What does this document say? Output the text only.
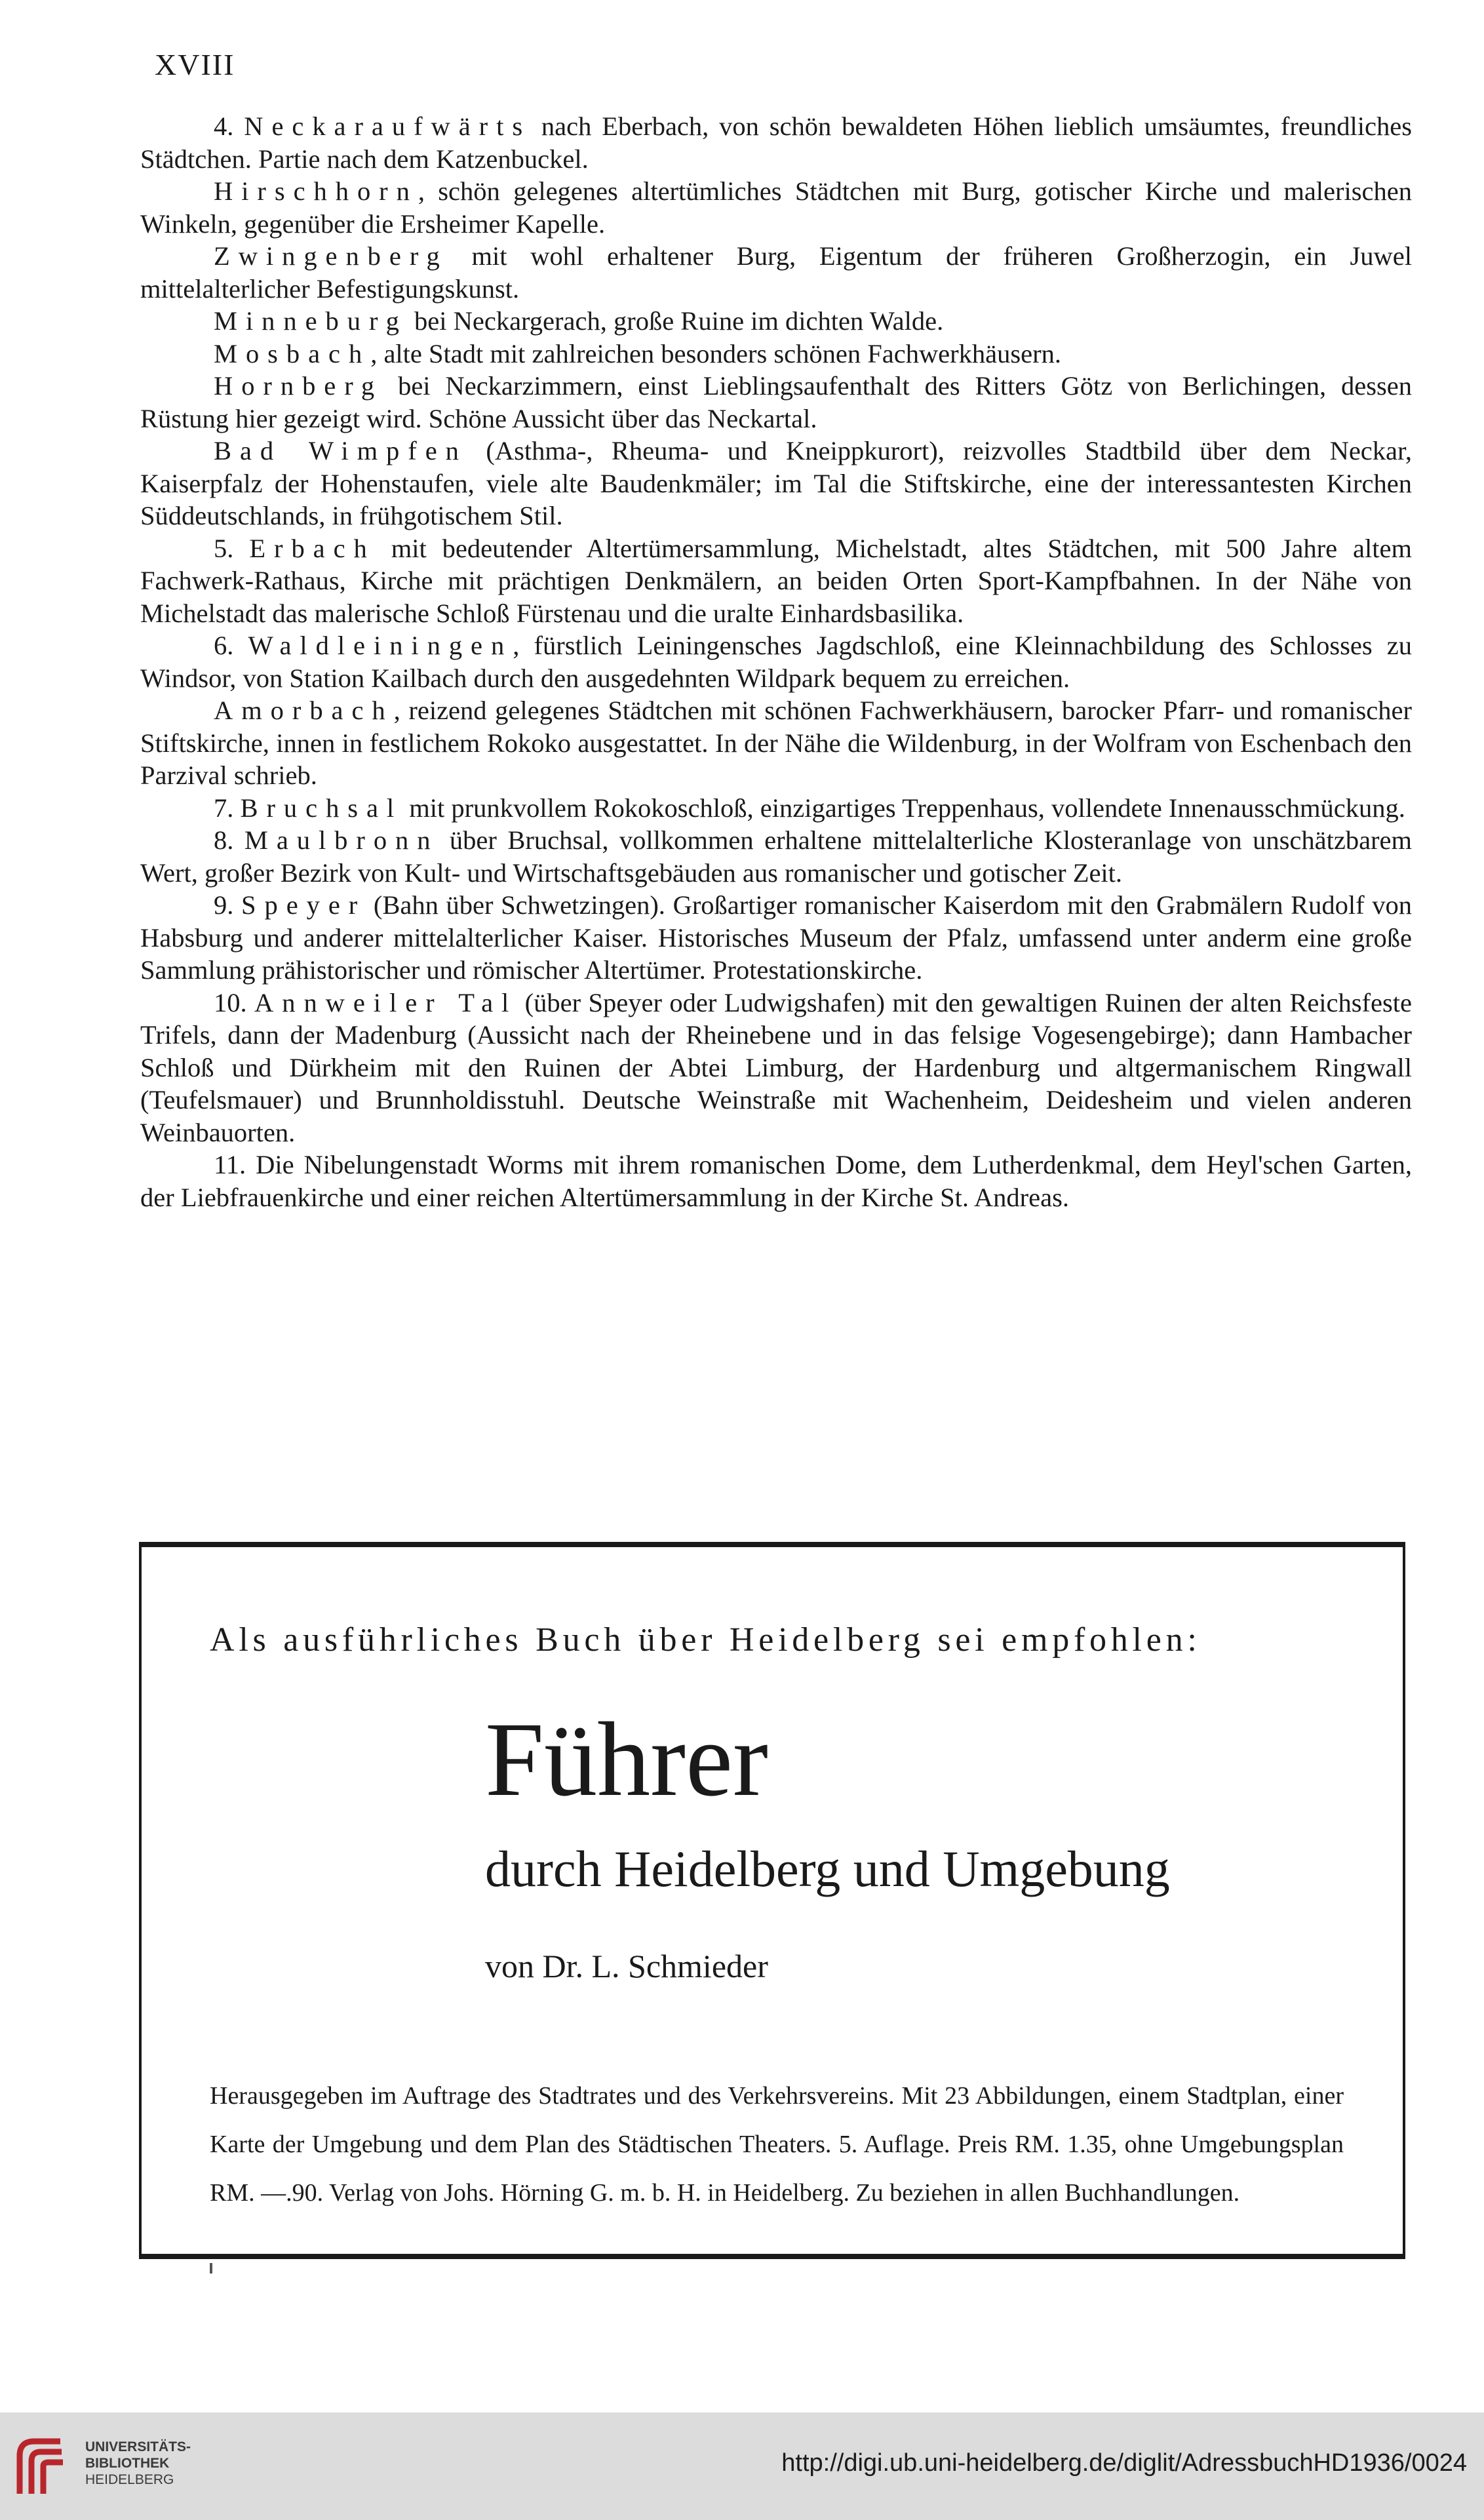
XVIII

4. Neckaraufwärts nach Eberbach, von schön bewaldeten Höhen lieblich umsäumtes, freundliches Städtchen. Partie nach dem Katzenbuckel.

Hirschhorn, schön gelegenes altertümliches Städtchen mit Burg, gotischer Kirche und malerischen Winkeln, gegenüber die Ersheimer Kapelle.

Zwingenberg mit wohl erhaltener Burg, Eigentum der früheren Großherzogin, ein Juwel mittelalterlicher Befestigungskunst.

Minneburg bei Neckargerach, große Ruine im dichten Walde.

Mosbach, alte Stadt mit zahlreichen besonders schönen Fachwerkhäusern.

Hornberg bei Neckarzimmern, einst Lieblingsaufenthalt des Ritters Götz von Berlichingen, dessen Rüstung hier gezeigt wird. Schöne Aussicht über das Neckartal.

Bad Wimpfen (Asthma-, Rheuma- und Kneippkurort), reizvolles Stadtbild über dem Neckar, Kaiserpfalz der Hohenstaufen, viele alte Baudenkmäler; im Tal die Stiftskirche, eine der interessantesten Kirchen Süddeutschlands, in frühgotischem Stil.

5. Erbach mit bedeutender Altertümersammlung, Michelstadt, altes Städtchen, mit 500 Jahre altem Fachwerk-Rathaus, Kirche mit prächtigen Denkmälern, an beiden Orten Sport-Kampfbahnen. In der Nähe von Michelstadt das malerische Schloß Fürstenau und die uralte Einhardsbasilika.

6. Waldleiningen, fürstlich Leiningensches Jagdschloß, eine Kleinnachbildung des Schlosses zu Windsor, von Station Kailbach durch den ausgedehnten Wildpark bequem zu erreichen.

Amorbach, reizend gelegenes Städtchen mit schönen Fachwerkhäusern, barocker Pfarr- und romanischer Stiftskirche, innen in festlichem Rokoko ausgestattet. In der Nähe die Wildenburg, in der Wolfram von Eschenbach den Parzival schrieb.

7. Bruchsal mit prunkvollem Rokokoschloß, einzigartiges Treppenhaus, vollendete Innenausschmückung.

8. Maulbronn über Bruchsal, vollkommen erhaltene mittelalterliche Klosteranlage von unschätzbarem Wert, großer Bezirk von Kult- und Wirtschaftsgebäuden aus romanischer und gotischer Zeit.

9. Speyer (Bahn über Schwetzingen). Großartiger romanischer Kaiserdom mit den Grabmälern Rudolf von Habsburg und anderer mittelalterlicher Kaiser. Historisches Museum der Pfalz, umfassend unter anderm eine große Sammlung prähistorischer und römischer Altertümer. Protestationskirche.

10. Annweiler Tal (über Speyer oder Ludwigshafen) mit den gewaltigen Ruinen der alten Reichsfeste Trifels, dann der Madenburg (Aussicht nach der Rheinebene und in das felsige Vogesengebirge); dann Hambacher Schloß und Dürkheim mit den Ruinen der Abtei Limburg, der Hardenburg und altgermanischem Ringwall (Teufelsmauer) und Brunnholdisstuhl. Deutsche Weinstraße mit Wachenheim, Deidesheim und vielen anderen Weinbauorten.

11. Die Nibelungenstadt Worms mit ihrem romanischen Dome, dem Lutherdenkmal, dem Heyl'schen Garten, der Liebfrauenkirche und einer reichen Altertümersammlung in der Kirche St. Andreas.

Als ausführliches Buch über Heidelberg sei empfohlen:
Führer
durch Heidelberg und Umgebung
von Dr. L. Schmieder

Herausgegeben im Auftrage des Stadtrates und des Verkehrsvereins. Mit 23 Abbildungen, einem Stadtplan, einer Karte der Umgebung und dem Plan des Städtischen Theaters. 5. Auflage. Preis RM. 1.35, ohne Umgebungsplan RM. —.90. Verlag von Johs. Hörning G. m. b. H. in Heidelberg. Zu beziehen in allen Buchhandlungen.

UNIVERSITÄTS-
BIBLIOTHEK
HEIDELBERG
http://digi.ub.uni-heidelberg.de/diglit/AdressbuchHD1936/0024
